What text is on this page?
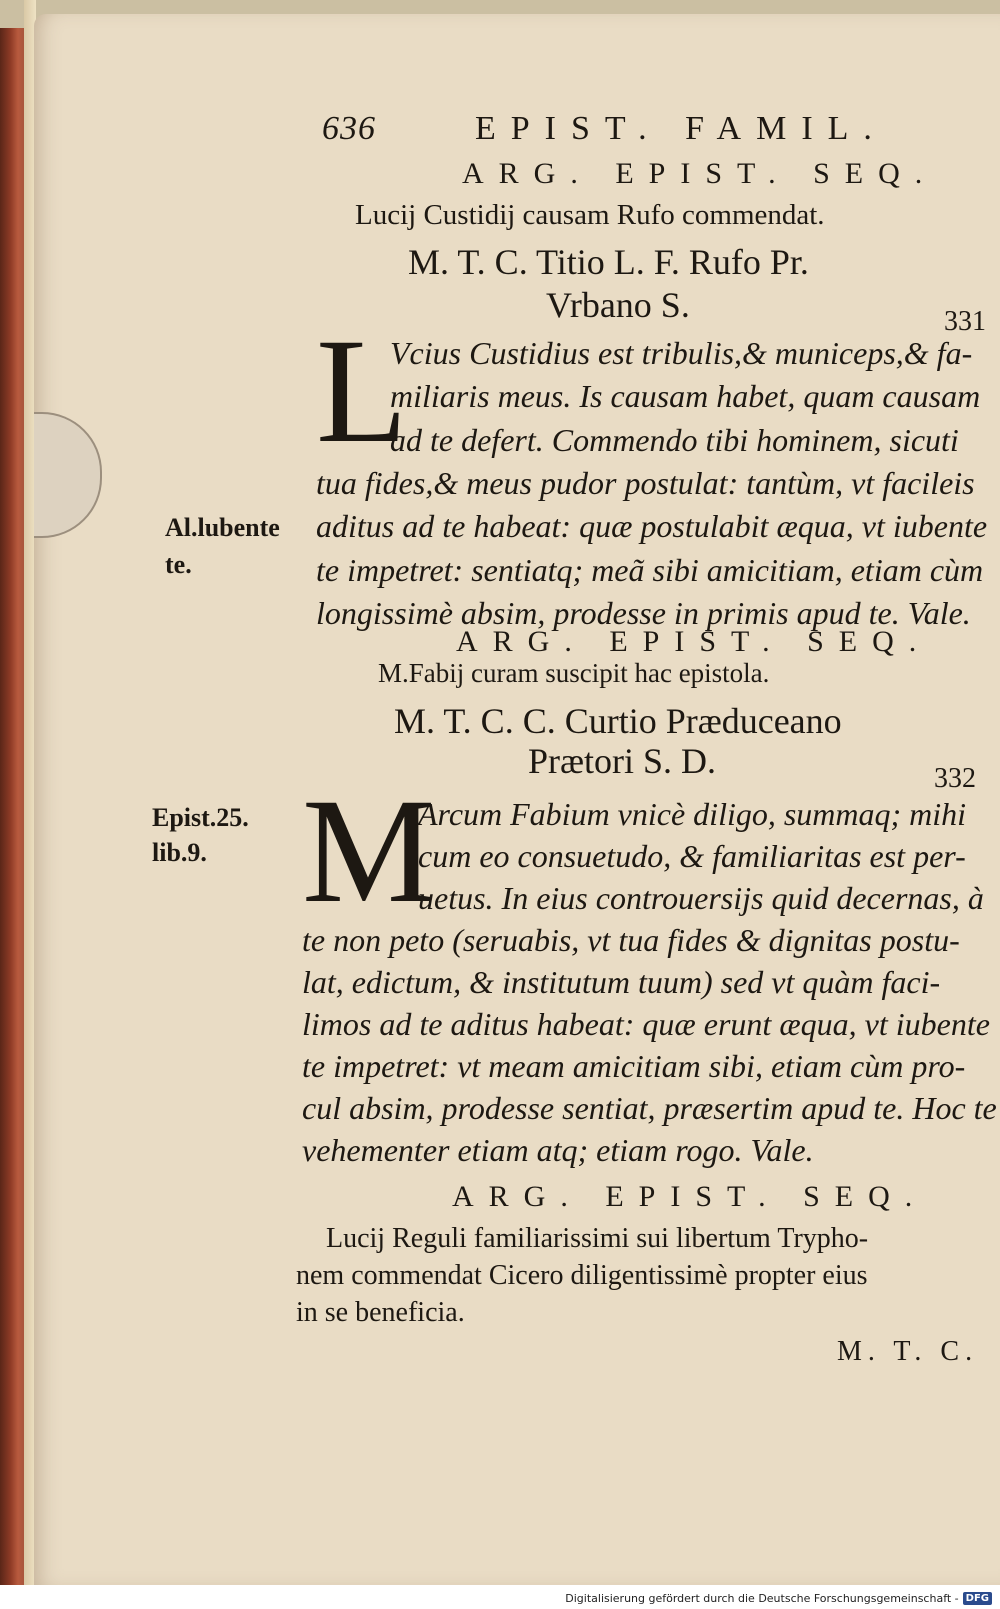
636	EPIST. FAMIL.
ARG. EPIST. SEQ.
Lucij Custidij causam Rufo commendat.
M. T. C. Titio L. F. Rufo Pr.
Vrbano S.	331
L
Vcius Custidius est tribulis,& municeps,& fa-
miliaris meus. Is causam habet, quam causam
ad te defert. Commendo tibi hominem, sicuti
tua fides,& meus pudor postulat: tantùm, vt facileis
aditus ad te habeat: quæ postulabit æqua, vt iubente
te impetret: sentiatq; meã sibi amicitiam, etiam cùm
longissimè absim, prodesse in primis apud te. Vale.
Al.lubente
te.
ARG. EPIST. SEQ.
M.Fabij curam suscipit hac epistola.
M. T. C. C. Curtio Præduceano
Prætori S. D.	332
M
Arcum Fabium vnicè diligo, summaq; mihi
cum eo consuetudo, & familiaritas est per-
uetus. In eius controuersijs quid decernas, à
te non peto (seruabis, vt tua fides & dignitas postu-
lat, edictum, & institutum tuum) sed vt quàm faci-
limos ad te aditus habeat: quæ erunt æqua, vt iubente
te impetret: vt meam amicitiam sibi, etiam cùm pro-
cul absim, prodesse sentiat, præsertim apud te. Hoc te
vehementer etiam atq; etiam rogo. Vale.
Epist.25.
lib.9.
ARG. EPIST. SEQ.
Lucij Reguli familiarissimi sui libertum Trypho-
nem commendat Cicero diligentissimè propter eius
in se beneficia.
M. T. C.
Digitalisierung gefördert durch die Deutsche Forschungsgemeinschaft - DFG
